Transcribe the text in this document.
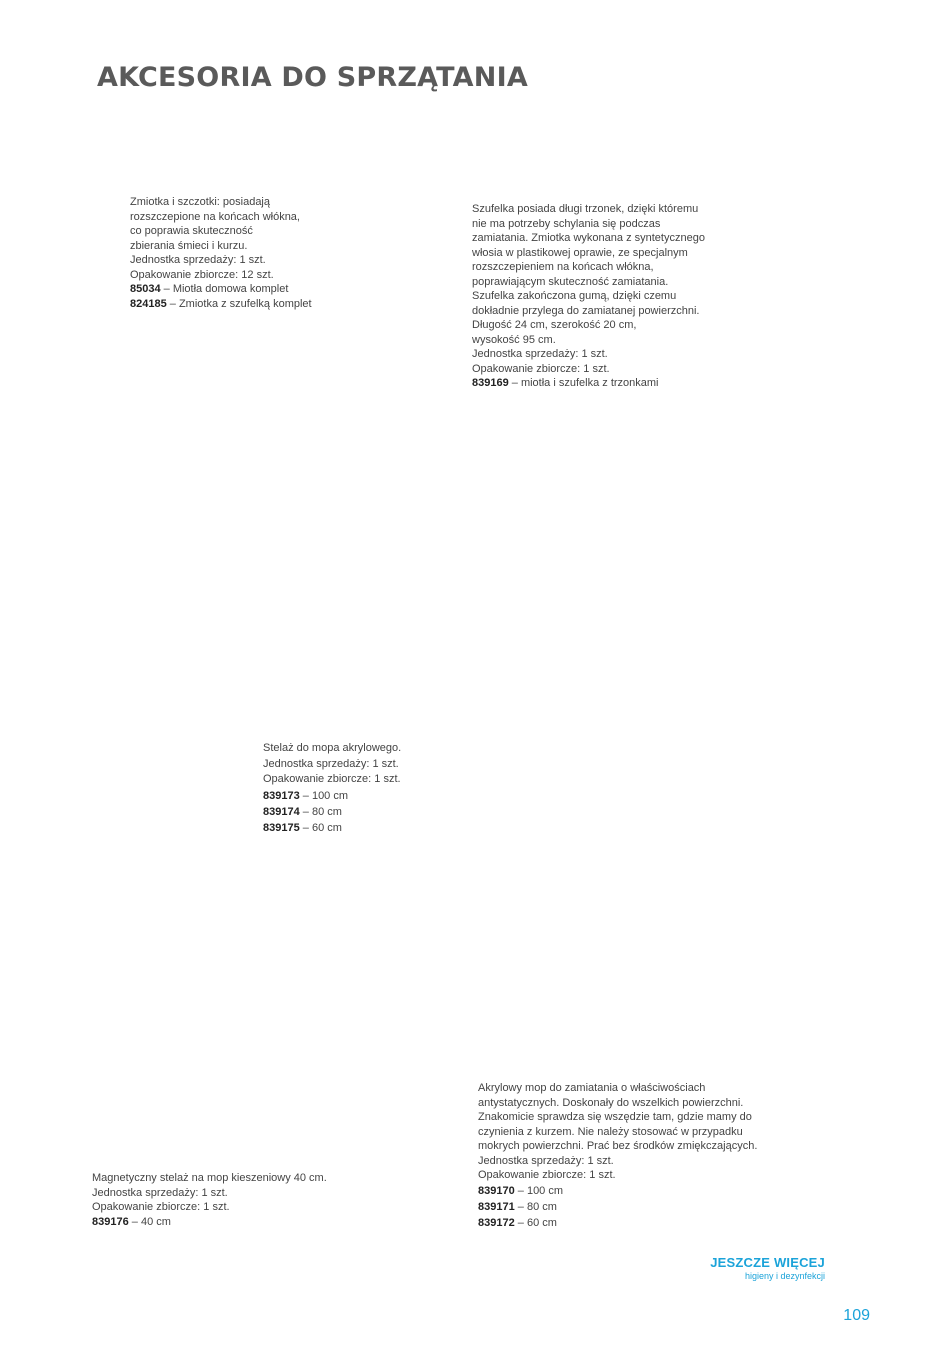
AKCESORIA DO SPRZĄTANIA
Zmiotka i szczotki: posiadają
rozszczepione na końcach włókna,
co poprawia skuteczność
zbierania śmieci i kurzu.
Jednostka sprzedaży: 1 szt.
Opakowanie zbiorcze: 12 szt.
85034 – Miotła domowa komplet
824185 – Zmiotka z szufelką komplet
Szufelka posiada długi trzonek, dzięki któremu
nie ma potrzeby schylania się podczas
zamiatania. Zmiotka wykonana z syntetycznego
włosia w plastikowej oprawie, ze specjalnym
rozszczepieniem na końcach włókna,
poprawiającym skuteczność zamiatania.
Szufelka zakończona gumą, dzięki czemu
dokładnie przylega do zamiatanej powierzchni.
Długość 24 cm, szerokość 20 cm,
wysokość 95 cm.
Jednostka sprzedaży: 1 szt.
Opakowanie zbiorcze: 1 szt.
839169 – miotła i szufelka z trzonkami
Stelaż do mopa akrylowego.
Jednostka sprzedaży: 1 szt.
Opakowanie zbiorcze: 1 szt.
839173 – 100 cm
839174 – 80 cm
839175 – 60 cm
Akrylowy mop do zamiatania o właściwościach
antystatycznych. Doskonały do wszelkich powierzchni.
Znakomicie sprawdza się wszędzie tam, gdzie mamy do
czynienia z kurzem. Nie należy stosować w przypadku
mokrych powierzchni. Prać bez środków zmiękczających.
Jednostka sprzedaży: 1 szt.
Opakowanie zbiorcze: 1 szt.
839170 – 100 cm
839171 – 80 cm
839172 – 60 cm
Magnetyczny stelaż na mop kieszeniowy 40 cm.
Jednostka sprzedaży: 1 szt.
Opakowanie zbiorcze: 1 szt.
839176 – 40 cm
JESZCZE WIĘCEJ
higieny i dezynfekcji
109
